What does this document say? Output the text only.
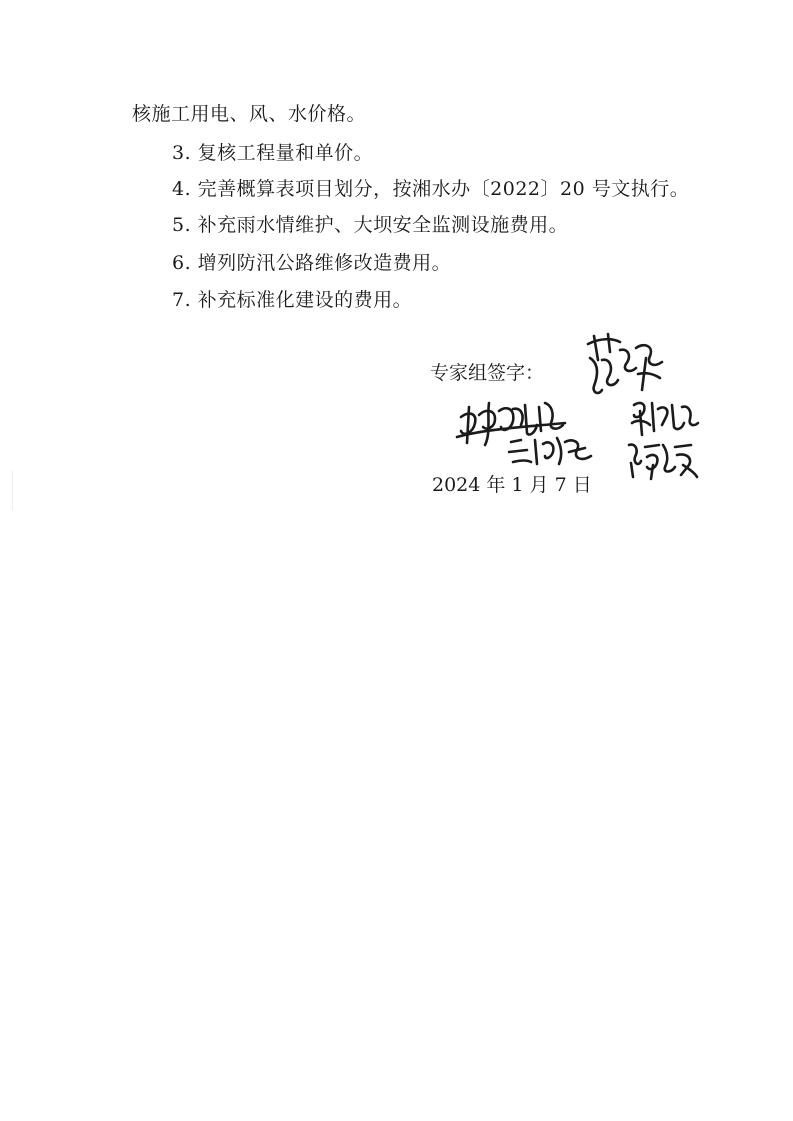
核施工用电、风、水价格。
3. 复核工程量和单价。
4. 完善概算表项目划分，按湘水办〔2022〕20 号文执行。
5. 补充雨水情维护、大坝安全监测设施费用。
6. 增列防汛公路维修改造费用。
7. 补充标准化建设的费用。
专家组签字：
2024 年 1 月 7 日
